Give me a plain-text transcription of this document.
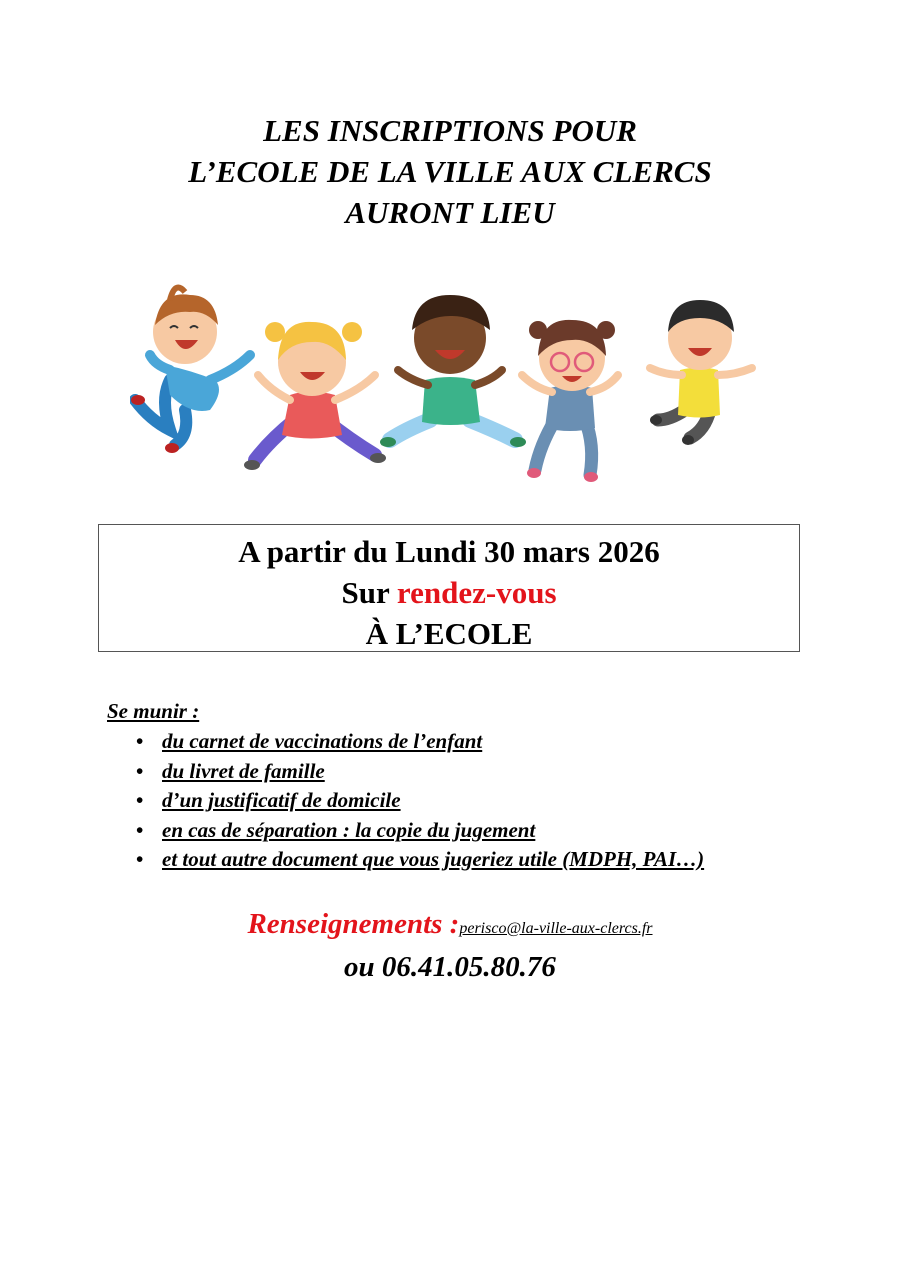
LES INSCRIPTIONS POUR
L’ECOLE DE LA VILLE AUX CLERCS
AURONT LIEU
A partir du Lundi 30 mars 2026
Sur rendez-vous
À L’ECOLE
Se munir :
• du carnet de vaccinations de l’enfant
• du livret de famille
• d’un justificatif de domicile
• en cas de séparation : la copie du jugement
• et tout autre document que vous jugeriez utile (MDPH, PAI…)
Renseignements :perisco@la-ville-aux-clercs.fr
ou 06.41.05.80.76
